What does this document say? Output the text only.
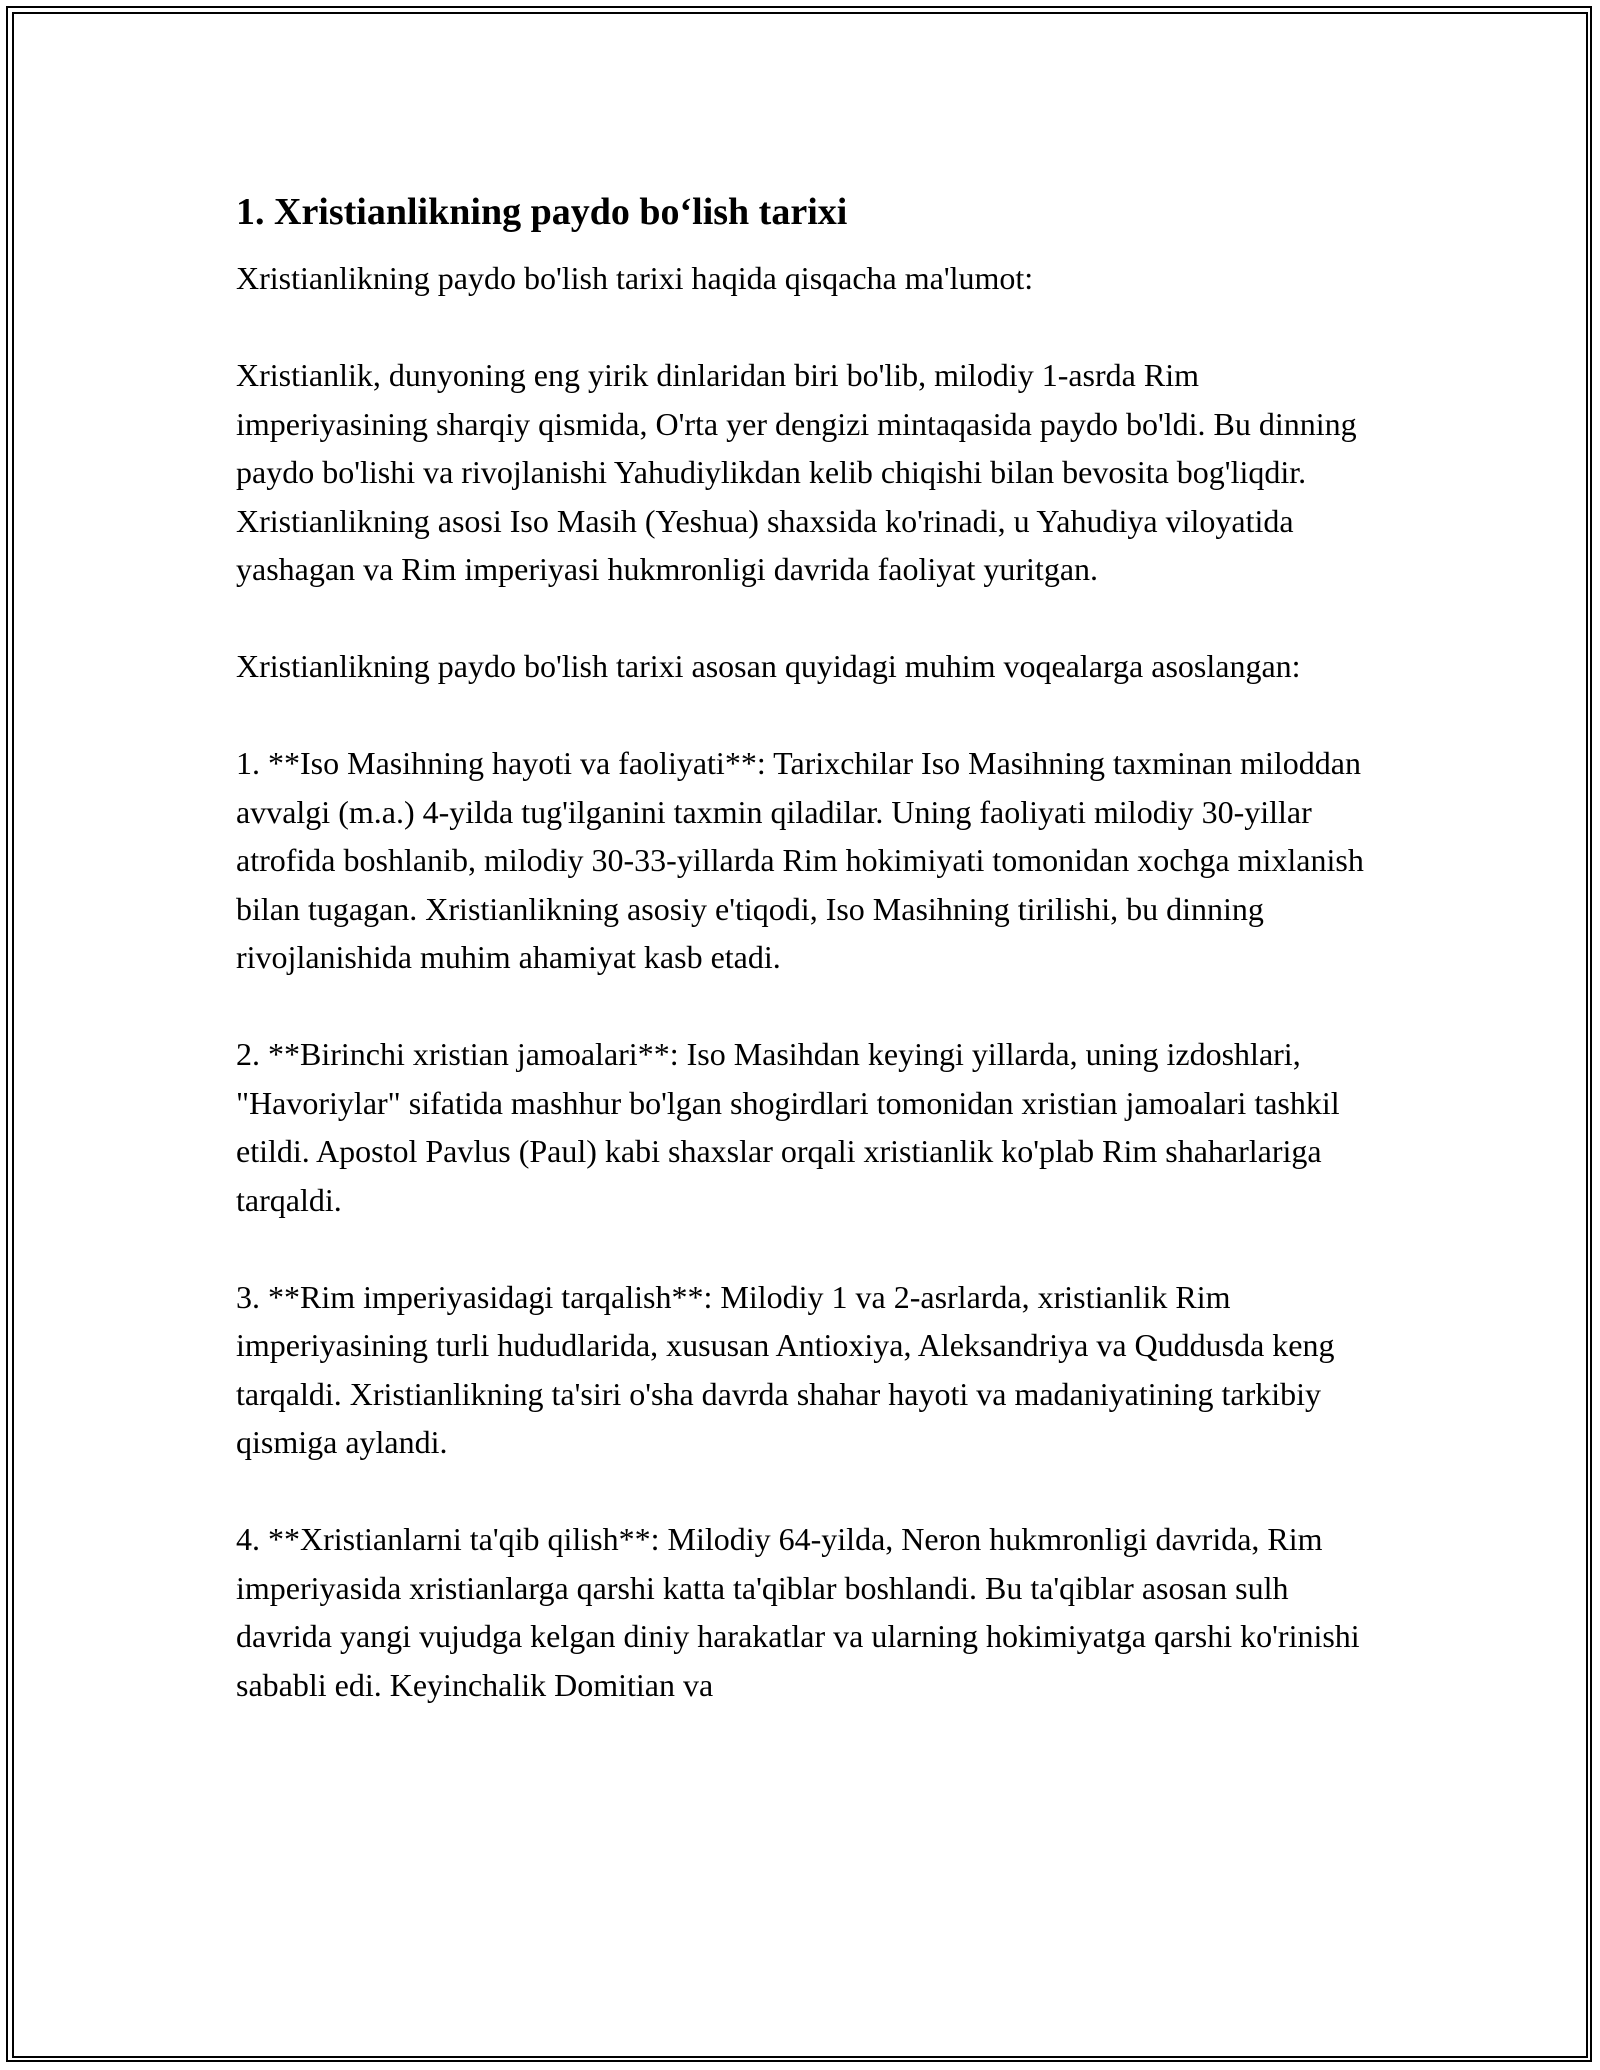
1. Xristianlikning paydo bo‘lish tarixi

Xristianlikning paydo bo'lish tarixi haqida qisqacha ma'lumot:

Xristianlik, dunyoning eng yirik dinlaridan biri bo'lib, milodiy 1-asrda Rim imperiyasining sharqiy qismida, O'rta yer dengizi mintaqasida paydo bo'ldi. Bu dinning paydo bo'lishi va rivojlanishi Yahudiylikdan kelib chiqishi bilan bevosita bog'liqdir. Xristianlikning asosi Iso Masih (Yeshua) shaxsida ko'rinadi, u Yahudiya viloyatida yashagan va Rim imperiyasi hukmronligi davrida faoliyat yuritgan.

Xristianlikning paydo bo'lish tarixi asosan quyidagi muhim voqealarga asoslangan:

1. **Iso Masihning hayoti va faoliyati**: Tarixchilar Iso Masihning taxminan miloddan avvalgi (m.a.) 4-yilda tug'ilganini taxmin qiladilar. Uning faoliyati milodiy 30-yillar atrofida boshlanib, milodiy 30-33-yillarda Rim hokimiyati tomonidan xochga mixlanish bilan tugagan. Xristianlikning asosiy e'tiqodi, Iso Masihning tirilishi, bu dinning rivojlanishida muhim ahamiyat kasb etadi.

2. **Birinchi xristian jamoalari**: Iso Masihdan keyingi yillarda, uning izdoshlari, "Havoriylar" sifatida mashhur bo'lgan shogirdlari tomonidan xristian jamoalari tashkil etildi. Apostol Pavlus (Paul) kabi shaxslar orqali xristianlik ko'plab Rim shaharlariga tarqaldi.

3. **Rim imperiyasidagi tarqalish**: Milodiy 1 va 2-asrlarda, xristianlik Rim imperiyasining turli hududlarida, xususan Antioxiya, Aleksandriya va Quddusda keng tarqaldi. Xristianlikning ta'siri o'sha davrda shahar hayoti va madaniyatining tarkibiy qismiga aylandi.

4. **Xristianlarni ta'qib qilish**: Milodiy 64-yilda, Neron hukmronligi davrida, Rim imperiyasida xristianlarga qarshi katta ta'qiblar boshlandi. Bu ta'qiblar asosan sulh davrida yangi vujudga kelgan diniy harakatlar va ularning hokimiyatga qarshi ko'rinishi sababli edi. Keyinchalik Domitian va
